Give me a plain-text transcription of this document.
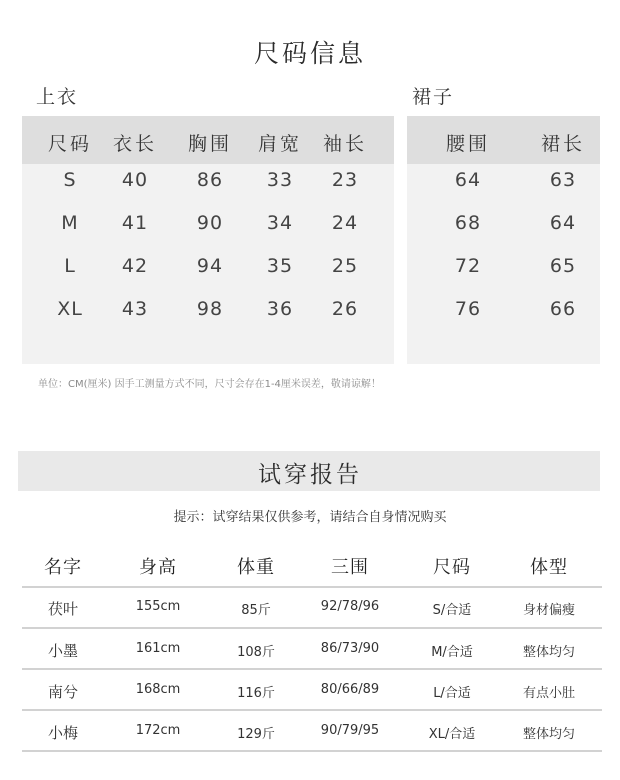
尺码信息
上衣	裙子
尺码	衣长	胸围	肩宽	袖长
S	40	86	33	23
M	41	90	34	24
L	42	94	35	25
XL	43	98	36	26
腰围	裙长
64	63
68	64
72	65
76	66
单位：CM(厘米) 因手工测量方式不同，尺寸会存在1-4厘米误差，敬请谅解！
试穿报告
提示：试穿结果仅供参考，请结合自身情况购买
名字	身高	体重	三围	尺码	体型
茯叶	155cm	85斤	92/78/96	S/合适	身材偏瘦
小墨	161cm	108斤	86/73/90	M/合适	整体均匀
南兮	168cm	116斤	80/66/89	L/合适	有点小肚
小梅	172cm	129斤	90/79/95	XL/合适	整体均匀
